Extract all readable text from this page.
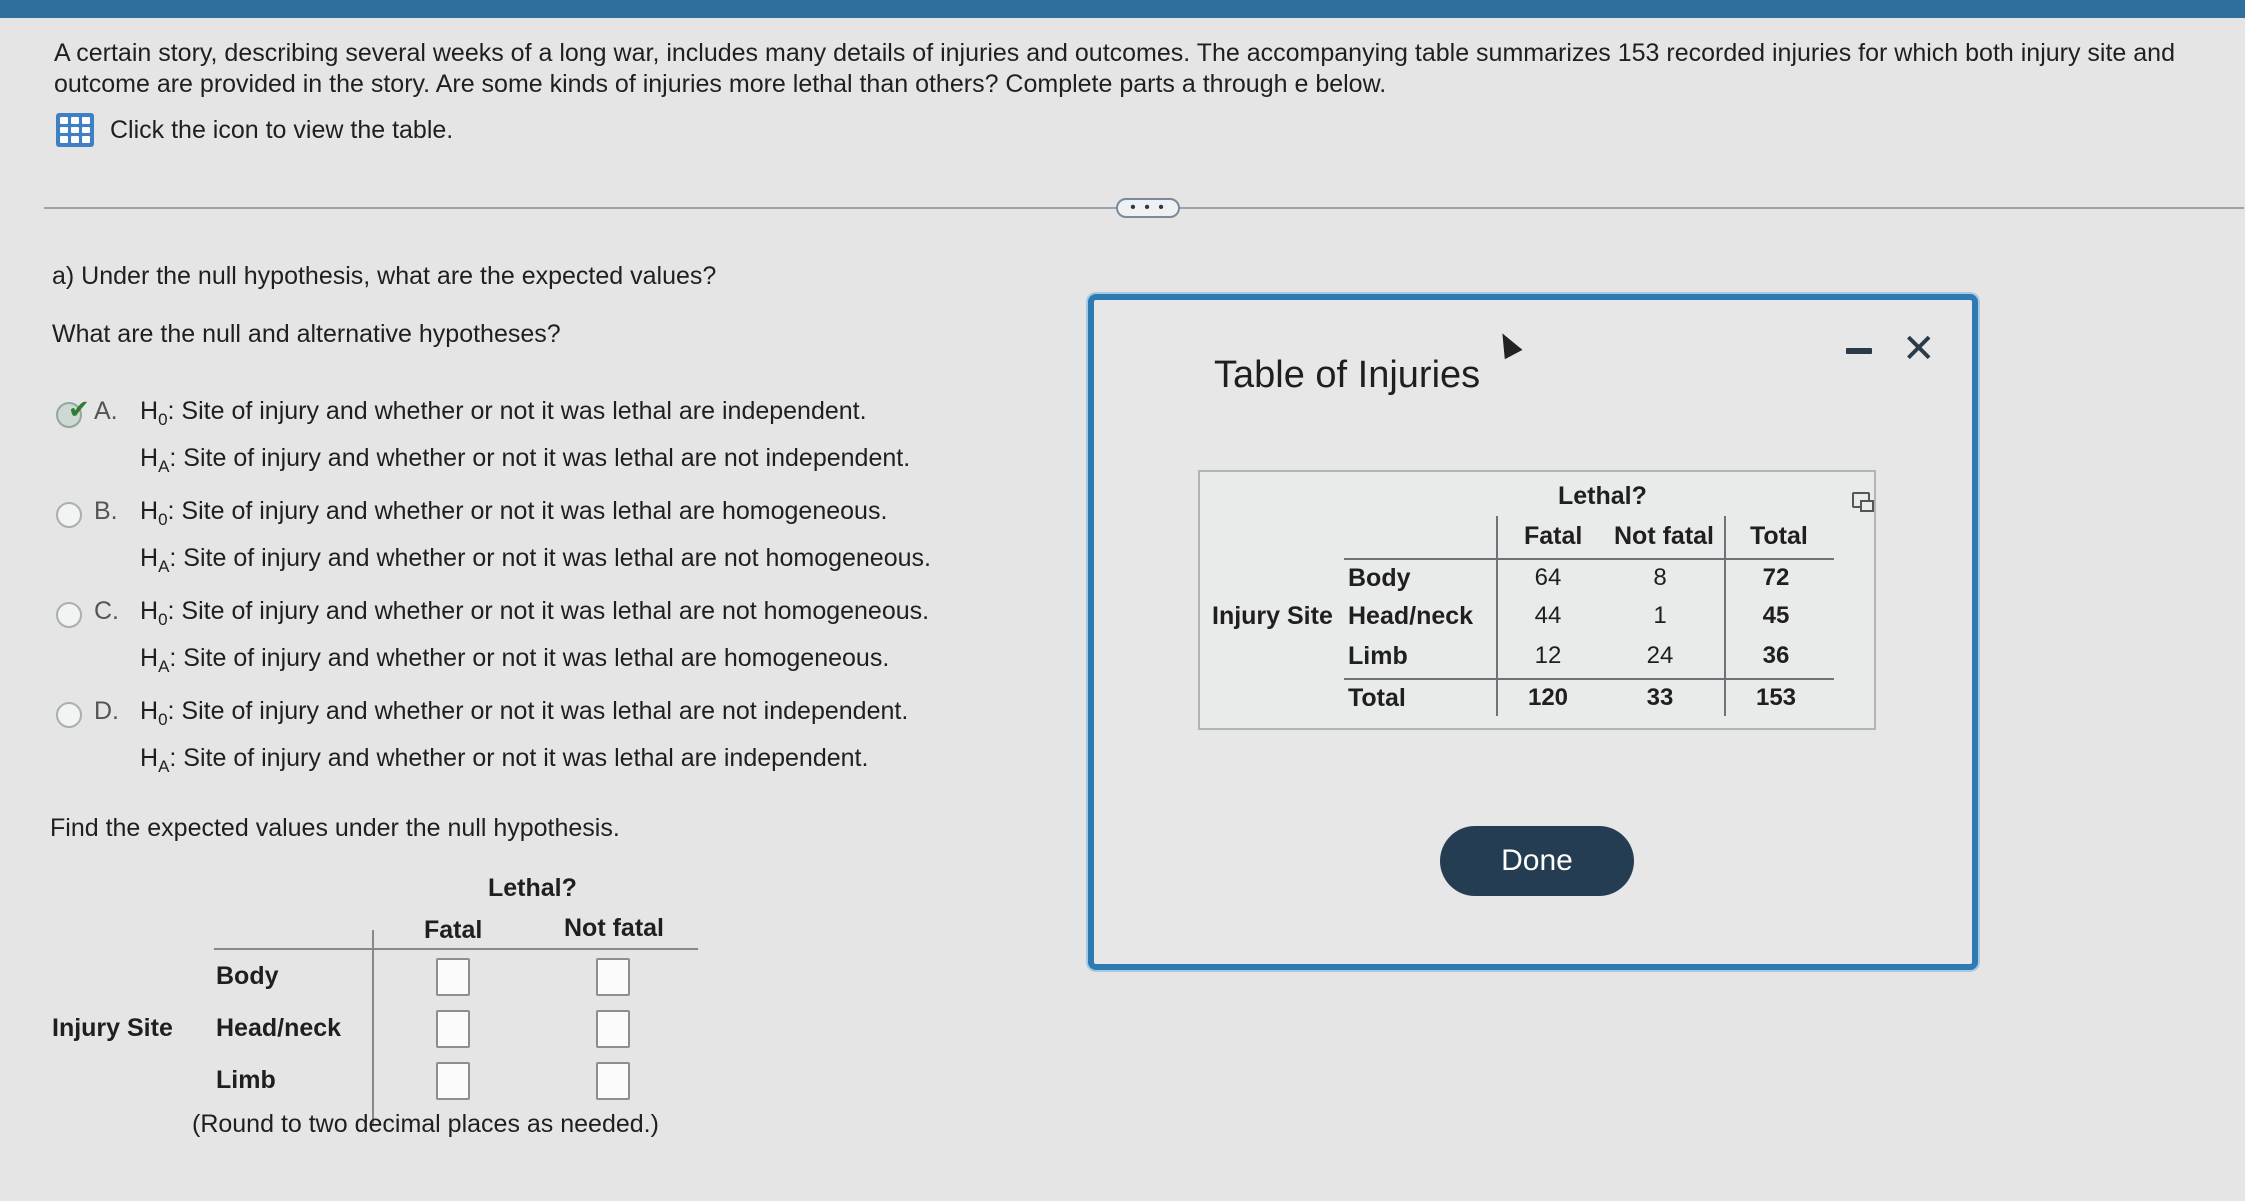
A certain story, describing several weeks of a long war, includes many details of injuries and outcomes. The accompanying table summarizes 153 recorded injuries for which both injury site and outcome are provided in the story. Are some kinds of injuries more lethal than others? Complete parts a through e below.

Click the icon to view the table.
• • •
a) Under the null hypothesis, what are the expected values?
What are the null and alternative hypotheses?
✔ A. $H_0$: Site of injury and whether or not it was lethal are independent.
$H_A$: Site of injury and whether or not it was lethal are not independent.
B. $H_0$: Site of injury and whether or not it was lethal are homogeneous.
$H_A$: Site of injury and whether or not it was lethal are not homogeneous.
C. $H_0$: Site of injury and whether or not it was lethal are not homogeneous.
$H_A$: Site of injury and whether or not it was lethal are homogeneous.
D. $H_0$: Site of injury and whether or not it was lethal are not independent.
$H_A$: Site of injury and whether or not it was lethal are independent.
Find the expected values under the null hypothesis.
Lethal?
Fatal	Not fatal
Injury Site
Body
Head/neck
Limb
(Round to two decimal places as needed.)
Table of Injuries
✕
Lethal?
Fatal Not fatal Total
Injury Site
Body	64	8	72
Head/neck	44	1	45
Limb	12	24	36
Total	120	33	153
Done
